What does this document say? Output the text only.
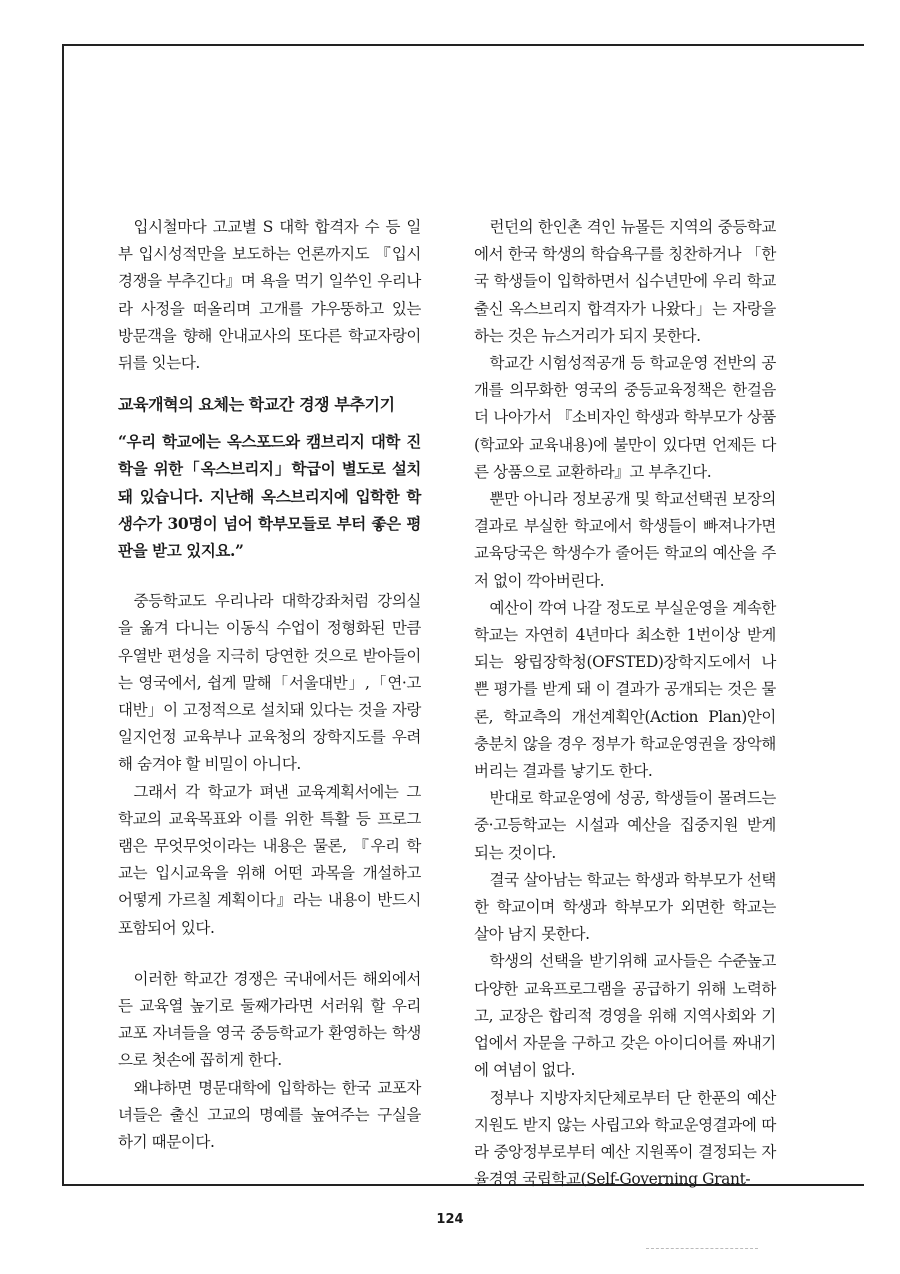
입시철마다 고교별 S 대학 합격자 수 등 일부 입시성적만을 보도하는 언론까지도 『입시경쟁을 부추긴다』며 욕을 먹기 일쑤인 우리나라 사정을 떠올리며 고개를 갸우뚱하고 있는 방문객을 향해 안내교사의 또다른 학교자랑이 뒤를 잇는다.

교육개혁의 요체는 학교간 경쟁 부추기기

“우리 학교에는 옥스포드와 캠브리지 대학 진학을 위한「옥스브리지」학급이 별도로 설치돼 있습니다. 지난해 옥스브리지에 입학한 학생수가 30명이 넘어 학부모들로 부터 좋은 평판을 받고 있지요.”

중등학교도 우리나라 대학강좌처럼 강의실을 옮겨 다니는 이동식 수업이 정형화된 만큼 우열반 편성을 지극히 당연한 것으로 받아들이는 영국에서, 쉽게 말해「서울대반」,「연·고대반」이 고정적으로 설치돼 있다는 것을 자랑일지언정 교육부나 교육청의 장학지도를 우려해 숨겨야 할 비밀이 아니다.

그래서 각 학교가 펴낸 교육계획서에는 그 학교의 교육목표와 이를 위한 특활 등 프로그램은 무엇무엇이라는 내용은 물론, 『우리 학교는 입시교육을 위해 어떤 과목을 개설하고 어떻게 가르칠 계획이다』라는 내용이 반드시 포함되어 있다.

이러한 학교간 경쟁은 국내에서든 해외에서든 교육열 높기로 둘째가라면 서러워 할 우리 교포 자녀들을 영국 중등학교가 환영하는 학생으로 첫손에 꼽히게 한다.

왜냐하면 명문대학에 입학하는 한국 교포자녀들은 출신 고교의 명예를 높여주는 구실을 하기 때문이다.

런던의 한인촌 격인 뉴몰든 지역의 중등학교에서 한국 학생의 학습욕구를 칭찬하거나 「한국 학생들이 입학하면서 십수년만에 우리 학교 출신 옥스브리지 합격자가 나왔다」는 자랑을 하는 것은 뉴스거리가 되지 못한다.

학교간 시험성적공개 등 학교운영 전반의 공개를 의무화한 영국의 중등교육정책은 한걸음 더 나아가서 『소비자인 학생과 학부모가 상품(학교와 교육내용)에 불만이 있다면 언제든 다른 상품으로 교환하라』고 부추긴다.

뿐만 아니라 정보공개 및 학교선택권 보장의 결과로 부실한 학교에서 학생들이 빠져나가면 교육당국은 학생수가 줄어든 학교의 예산을 주저 없이 깍아버린다.

예산이 깍여 나갈 정도로 부실운영을 계속한 학교는 자연히 4년마다 최소한 1번이상 받게 되는 왕립장학청(OFSTED)장학지도에서 나쁜 평가를 받게 돼 이 결과가 공개되는 것은 물론, 학교측의 개선계획안(Action Plan)안이 충분치 않을 경우 정부가 학교운영권을 장악해 버리는 결과를 낳기도 한다.

반대로 학교운영에 성공, 학생들이 몰려드는 중·고등학교는 시설과 예산을 집중지원 받게 되는 것이다.

결국 살아남는 학교는 학생과 학부모가 선택한 학교이며 학생과 학부모가 외면한 학교는 살아 남지 못한다.

학생의 선택을 받기위해 교사들은 수준높고 다양한 교육프로그램을 공급하기 위해 노력하고, 교장은 합리적 경영을 위해 지역사회와 기업에서 자문을 구하고 갖은 아이디어를 짜내기에 여념이 없다.

정부나 지방자치단체로부터 단 한푼의 예산지원도 받지 않는 사립고와 학교운영결과에 따라 중앙정부로부터 예산 지원폭이 결정되는 자율경영 국립학교(Self-Governing Grant-

124
